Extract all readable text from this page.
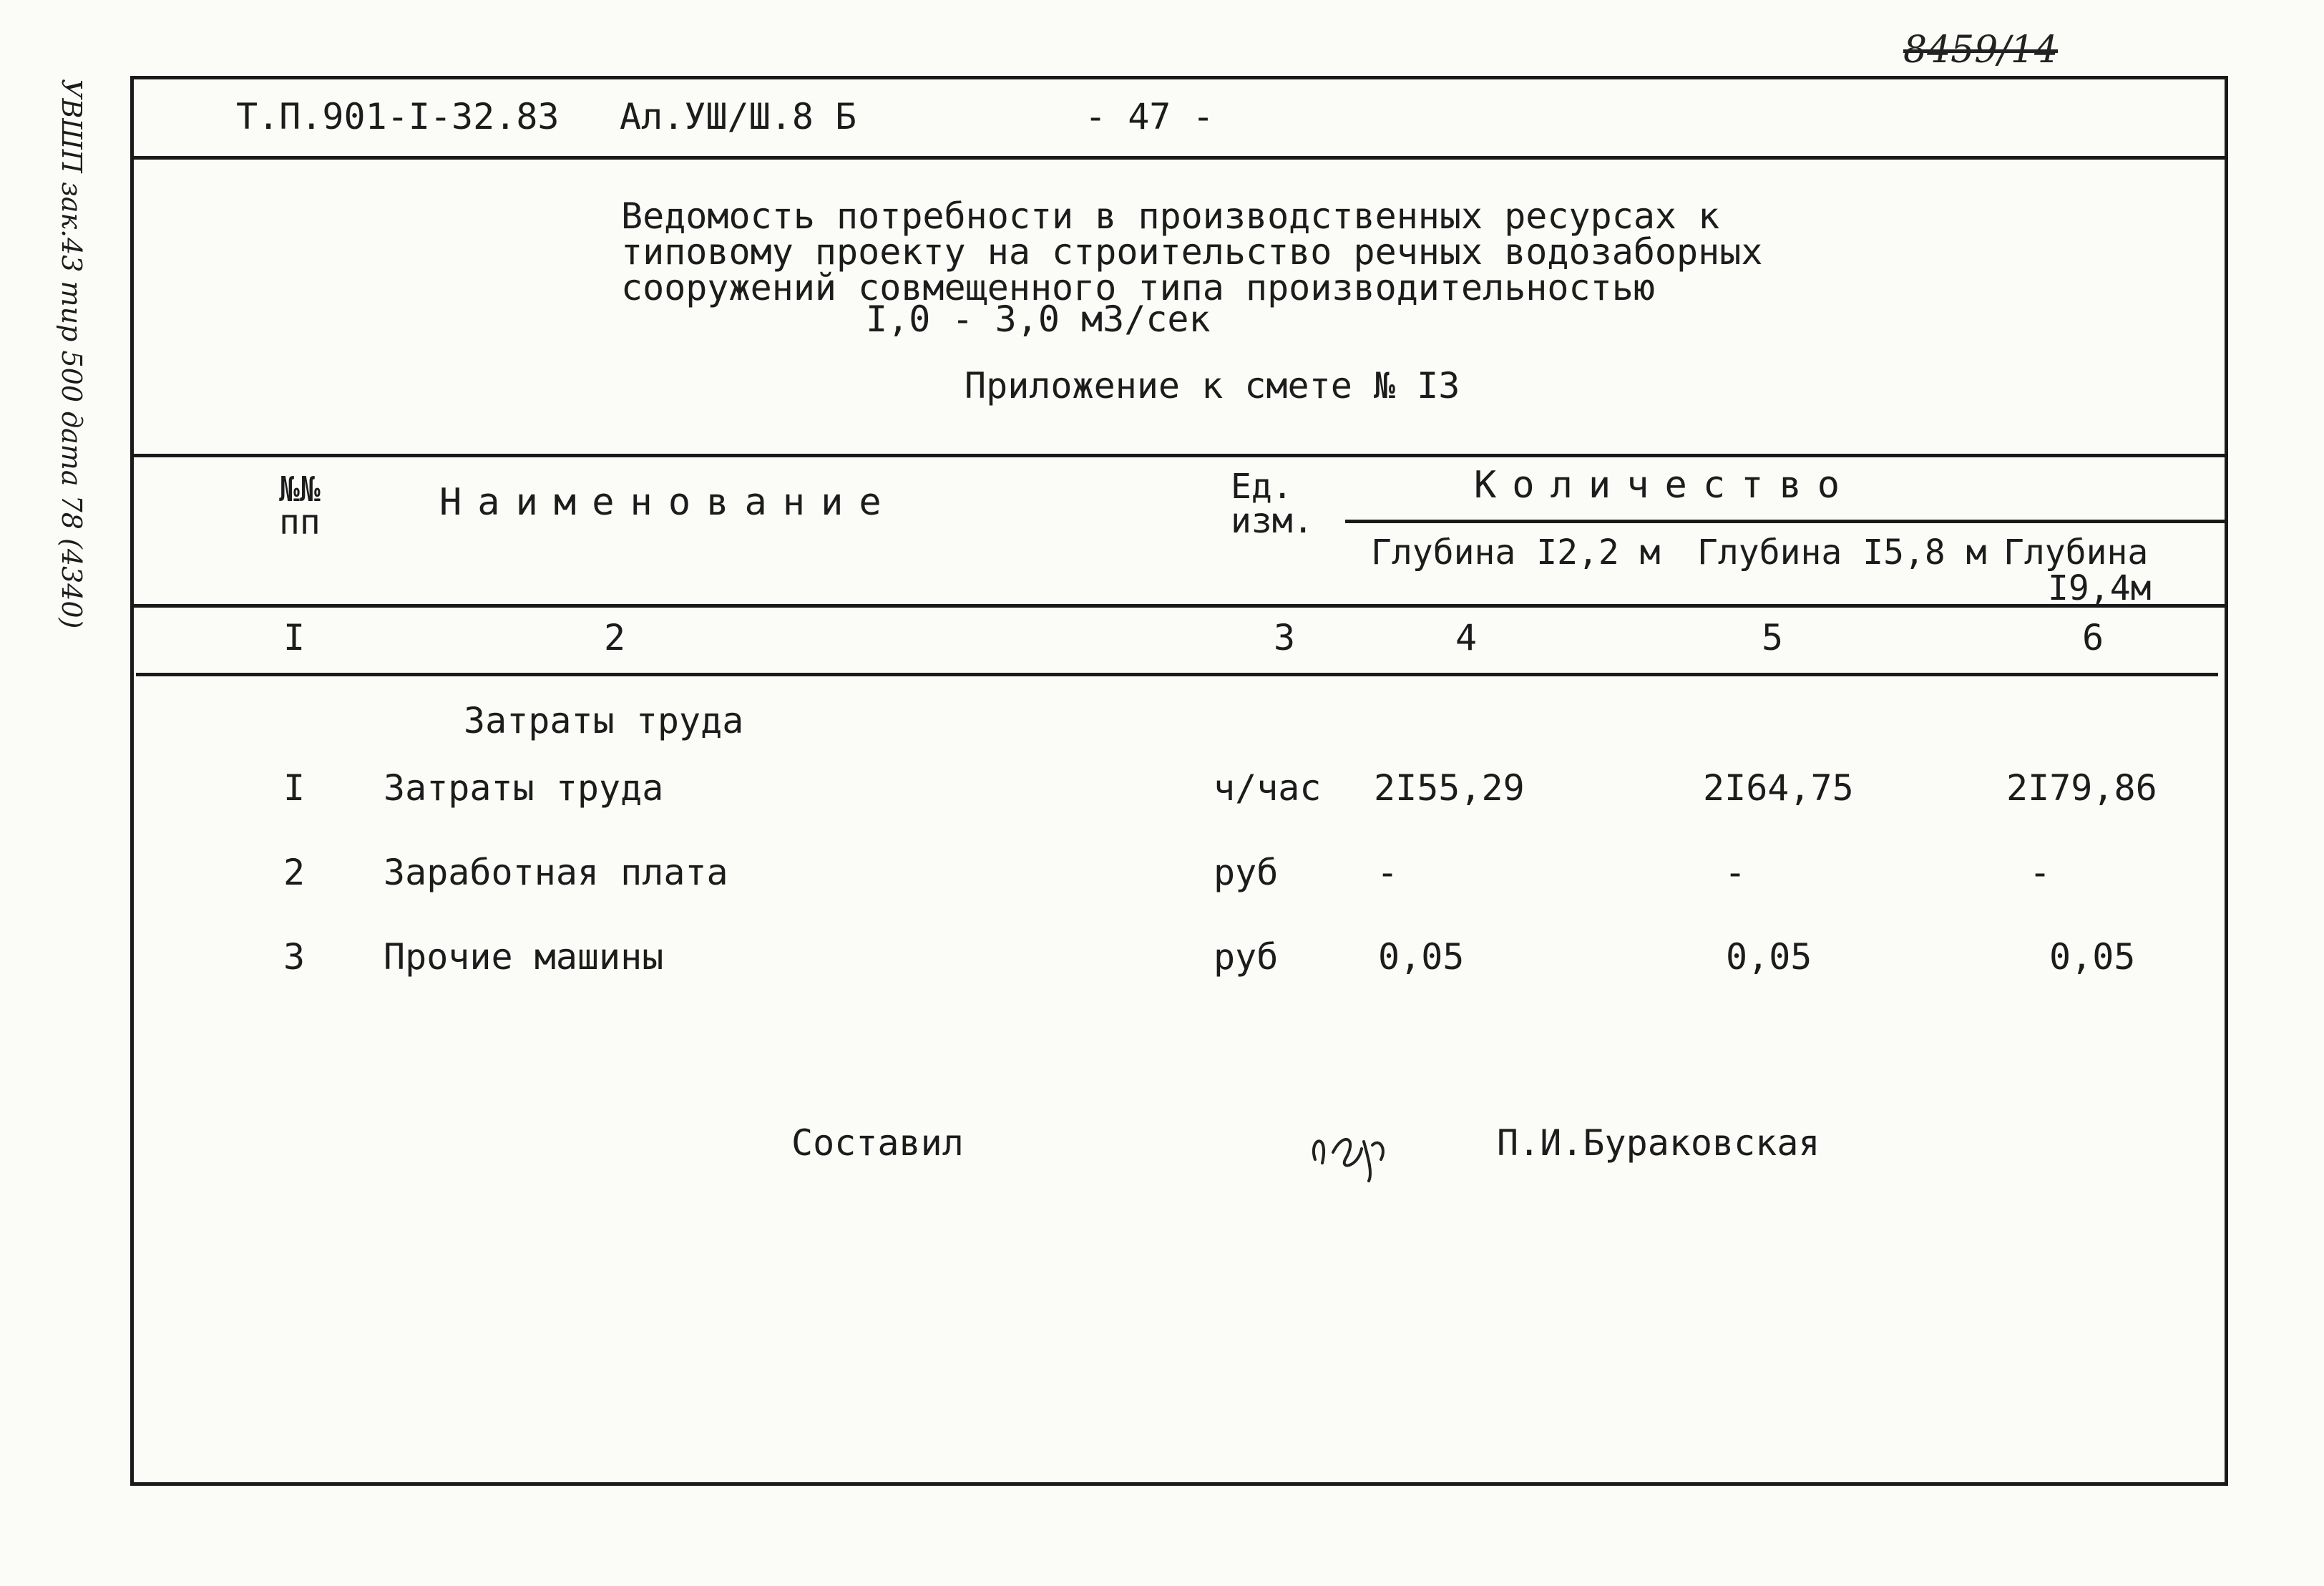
8459/14
УВШП зак.43 тир 500 дата 78 (4340)	Т.П.901-I-32.83 Ал.УШ/Ш.8 Б	- 47 -
Ведомость потребности в производственных ресурсах к
типовому проекту на строительство речных водозаборных
сооружений совмещенного типа производительностью
I,0 - 3,0 м3/сек
Приложение к смете № I3
№№
пп	Наименование	Ед.
изм.
Количество
Глубина I2,2 м Глубина I5,8 м Глубина
I9,4м
I	2	3	4	5	6
Затраты труда
I Затраты труда	ч/час 2I55,29	2I64,75	2I79,86
2 Заработная плата	руб	-	-	-
3 Прочие машины	руб	0,05	0,05	0,05
Составил	П.И.Бураковская
